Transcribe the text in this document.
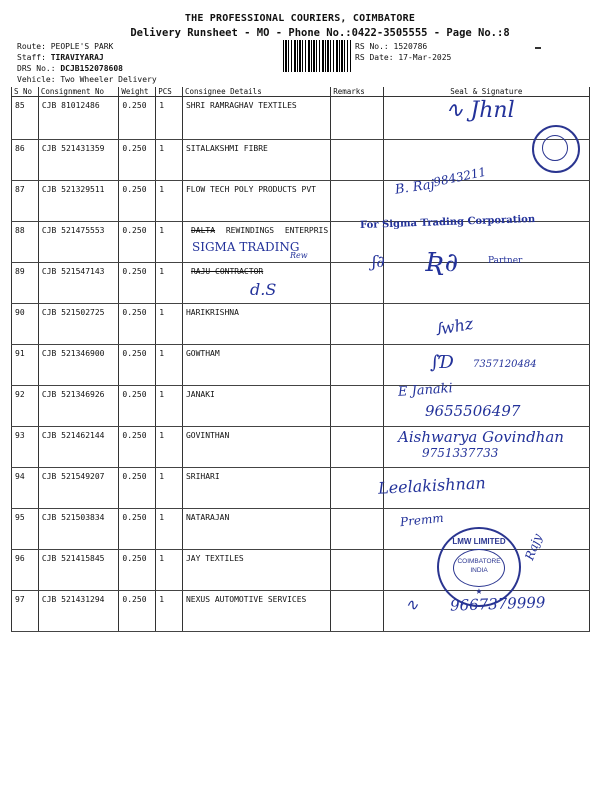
THE PROFESSIONAL COURIERS, COIMBATORE
Delivery Runsheet - MO - Phone No.:0422-3505555 - Page No.:8
Route: PEOPLE'S PARK
Staff: TIRAVIYARAJ
DRS No.: DCJB152078608
Vehicle: Two Wheeler Delivery
RS No.: 1520786
RS Date: 17-Mar-2025
S No	Consignment No	Weight	PCS	Consignee Details	Remarks	Seal & Signature
85	CJB 81012486	0.250	1	SHRI RAMRAGHAV TEXTILES		
86	CJB 521431359	0.250	1	SITALAKSHMI FIBRE		
87	CJB 521329511	0.250	1	FLOW TECH POLY PRODUCTS PVT		
88	CJB 521475553	0.250	1	DALTA REWINDINGS ENTERPRIS		
89	CJB 521547143	0.250	1	RAJU CONTRACTOR		
90	CJB 521502725	0.250	1	HARIKRISHNA		
91	CJB 521346900	0.250	1	GOWTHAM		
92	CJB 521346926	0.250	1	JANAKI		
93	CJB 521462144	0.250	1	GOVINTHAN		
94	CJB 521549207	0.250	1	SRIHARI		
95	CJB 521503834	0.250	1	NATARAJAN		
96	CJB 521415845	0.250	1	JAY TEXTILES		
97	CJB 521431294	0.250	1	NEXUS AUTOMOTIVE SERVICES		
∿ Jhnl
B. Raj
9843211
For Sigma Trading Corporation
SIGMA TRADING
Rew	Ʀ∂	Partner
ʃ∂
d.S
ꭍwhz
∫Ɗ 7357120484
E Janaki
9655506497
Aishwarya Govindhan
9751337733
Leelakishnan
Premm
LMW LIMITED
COIMBATORE
INDIA
★
Rajy
∿ 9667379999
